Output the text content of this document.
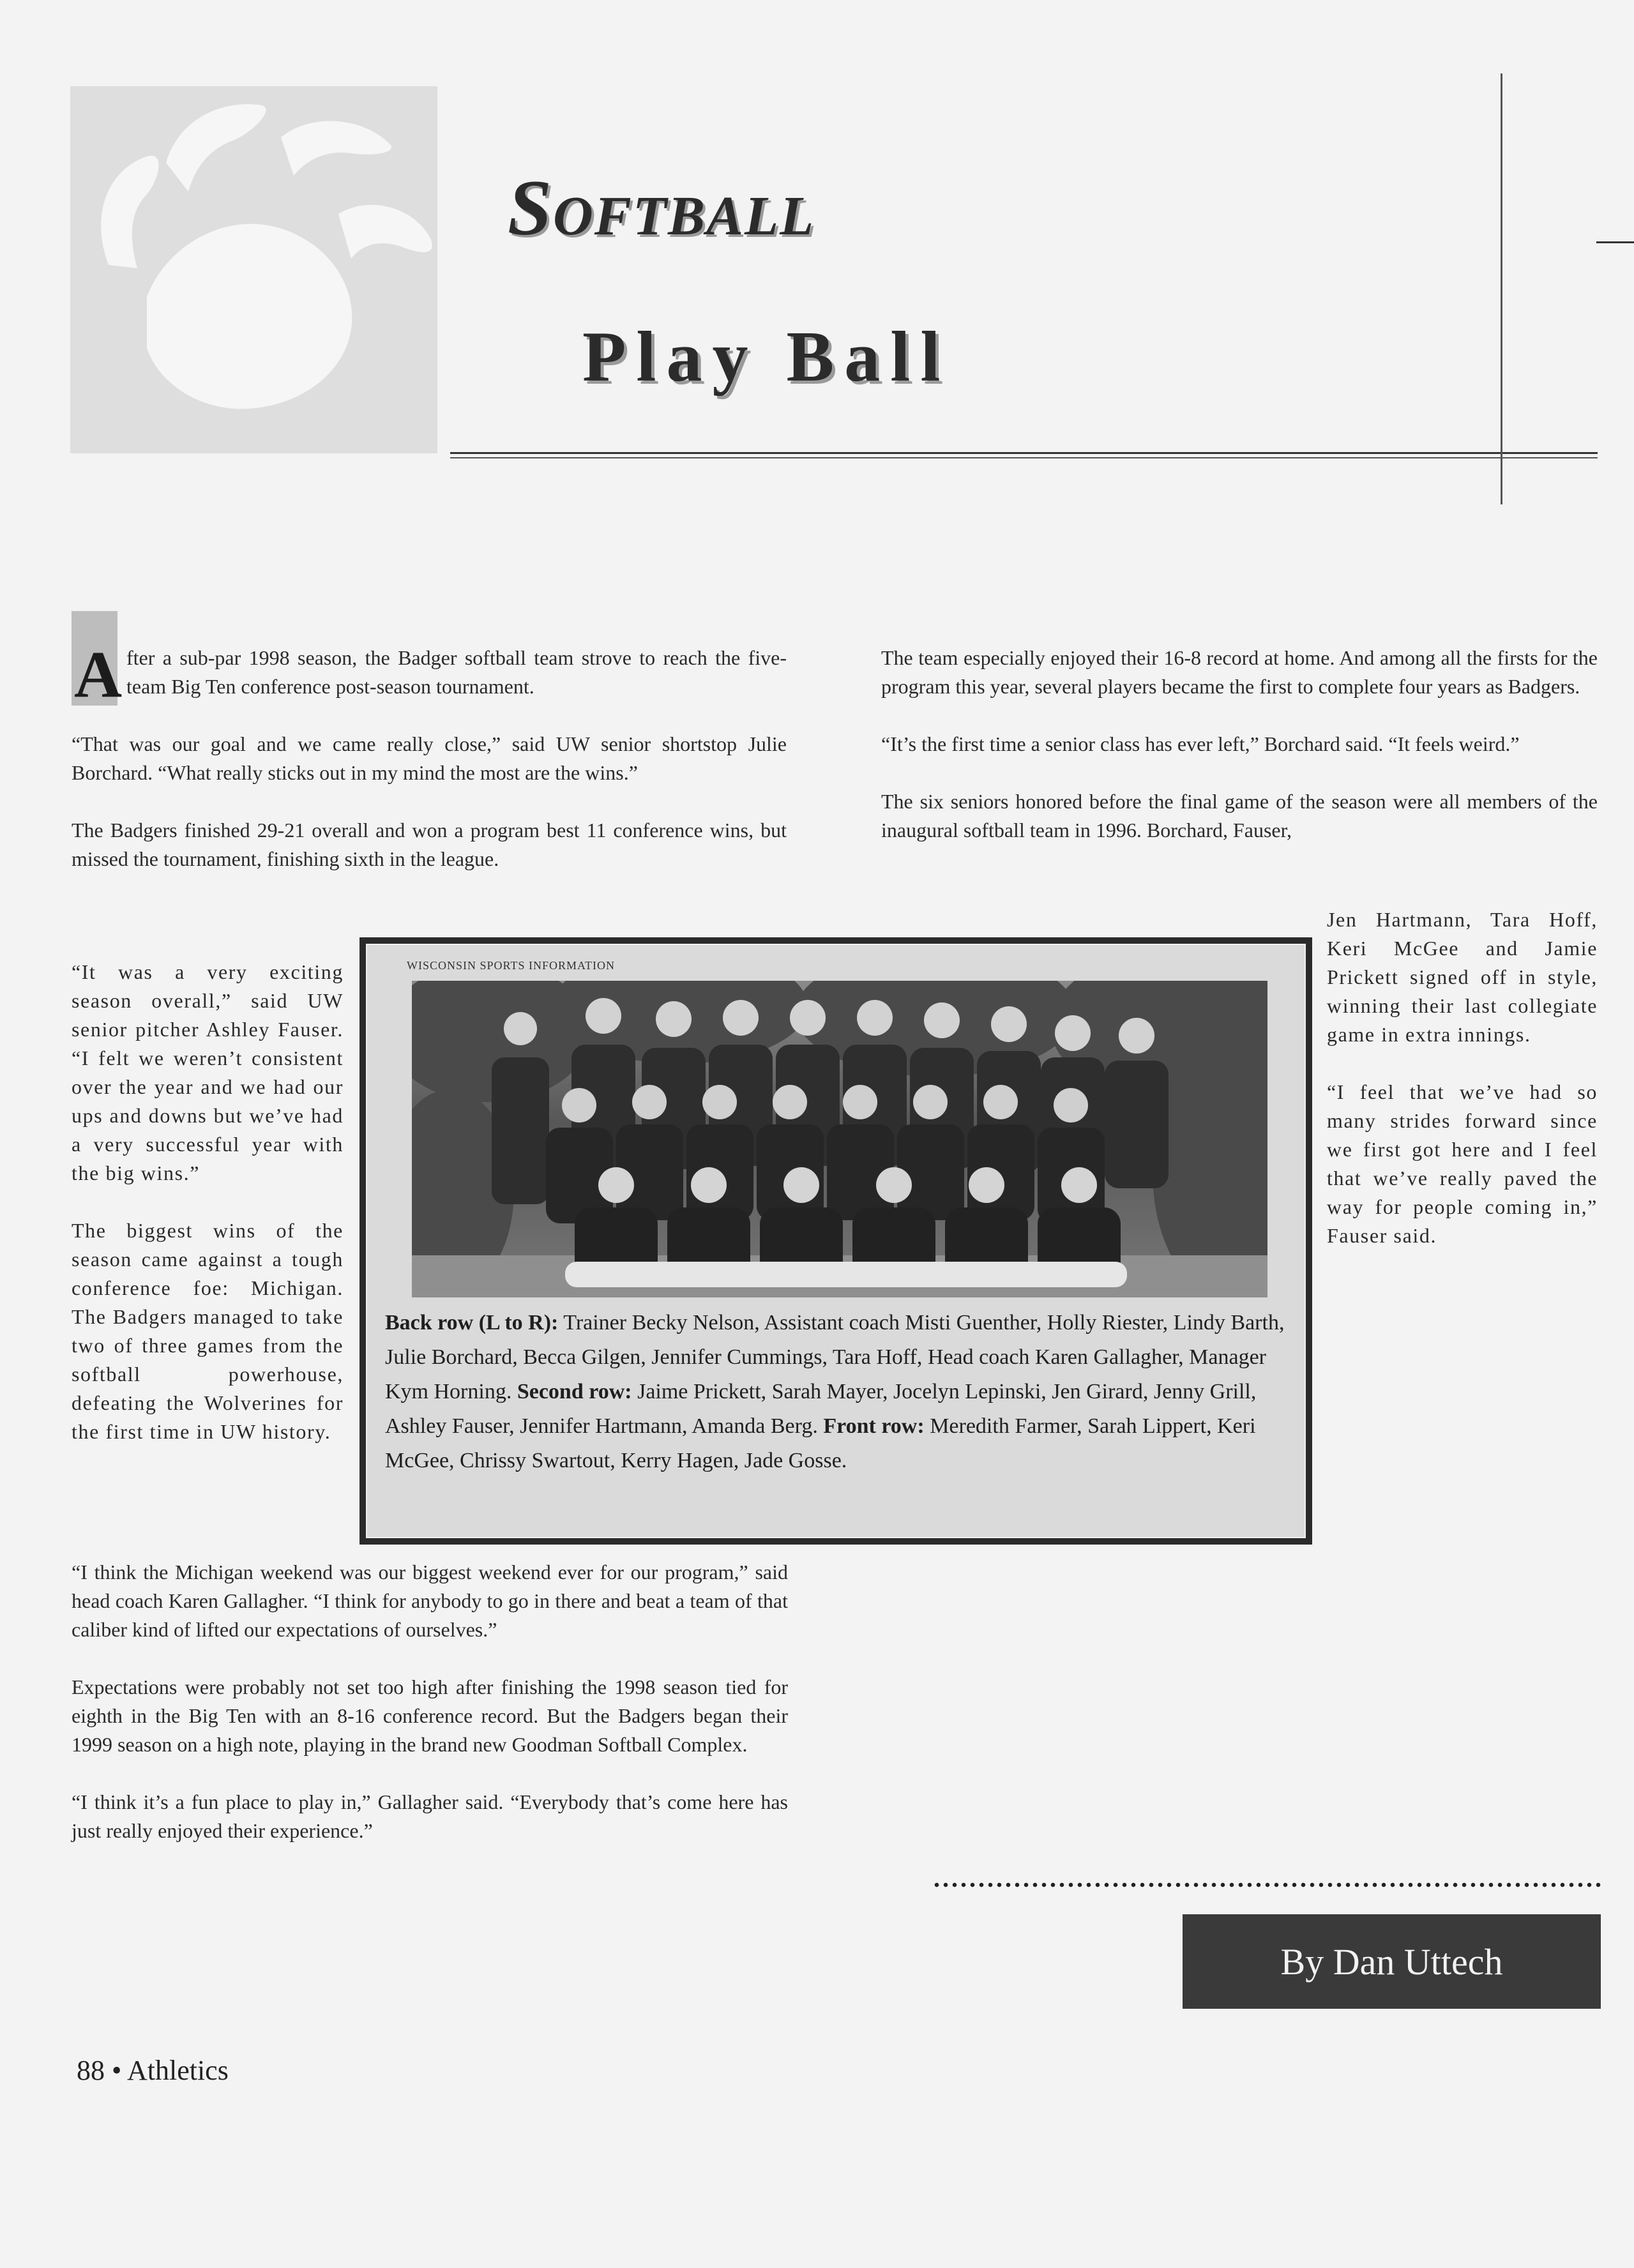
Softball
Play Ball

A fter a sub-par 1998 season, the Badger softball team strove to reach the five-team Big Ten conference post-season tournament.

“That was our goal and we came really close,” said UW senior shortstop Julie Borchard. “What really sticks out in my mind the most are the wins.”

The Badgers finished 29-21 overall and won a program best 11 conference wins, but missed the tournament, finishing sixth in the league.

“It was a very exciting season overall,” said UW senior pitcher Ashley Fauser. “I felt we weren’t consistent over the year and we had our ups and downs but we’ve had a very successful year with the big wins.”

The biggest wins of the season came against a tough conference foe: Michigan. The Badgers managed to take two of three games from the softball powerhouse, defeating the Wolverines for the first time in UW history.

“I think the Michigan weekend was our biggest weekend ever for our program,” said head coach Karen Gallagher. “I think for anybody to go in there and beat a team of that caliber kind of lifted our expectations of ourselves.”

Expectations were probably not set too high after finishing the 1998 season tied for eighth in the Big Ten with an 8-16 conference record. But the Badgers began their 1999 season on a high note, playing in the brand new Goodman Softball Complex.

“I think it’s a fun place to play in,” Gallagher said. “Everybody that’s come here has just really enjoyed their experience.”

The team especially enjoyed their 16-8 record at home. And among all the firsts for the program this year, several players became the first to complete four years as Badgers.

“It’s the first time a senior class has ever left,” Borchard said. “It feels weird.”

The six seniors honored before the final game of the season were all members of the inaugural softball team in 1996. Borchard, Fauser,

Jen Hartmann, Tara Hoff, Keri McGee and Jamie Prickett signed off in style, winning their last collegiate game in extra innings.

“I feel that we’ve had so many strides forward since we first got here and I feel that we’ve really paved the way for people coming in,” Fauser said.

WISCONSIN SPORTS INFORMATION
Back row (L to R): Trainer Becky Nelson, Assistant coach Misti Guenther, Holly Riester, Lindy Barth, Julie Borchard, Becca Gilgen, Jennifer Cummings, Tara Hoff, Head coach Karen Gallagher, Manager Kym Horning. Second row: Jaime Prickett, Sarah Mayer, Jocelyn Lepinski, Jen Girard, Jenny Grill, Ashley Fauser, Jennifer Hartmann, Amanda Berg. Front row: Meredith Farmer, Sarah Lippert, Keri McGee, Chrissy Swartout, Kerry Hagen, Jade Gosse.
By Dan Uttech
88 • Athletics
